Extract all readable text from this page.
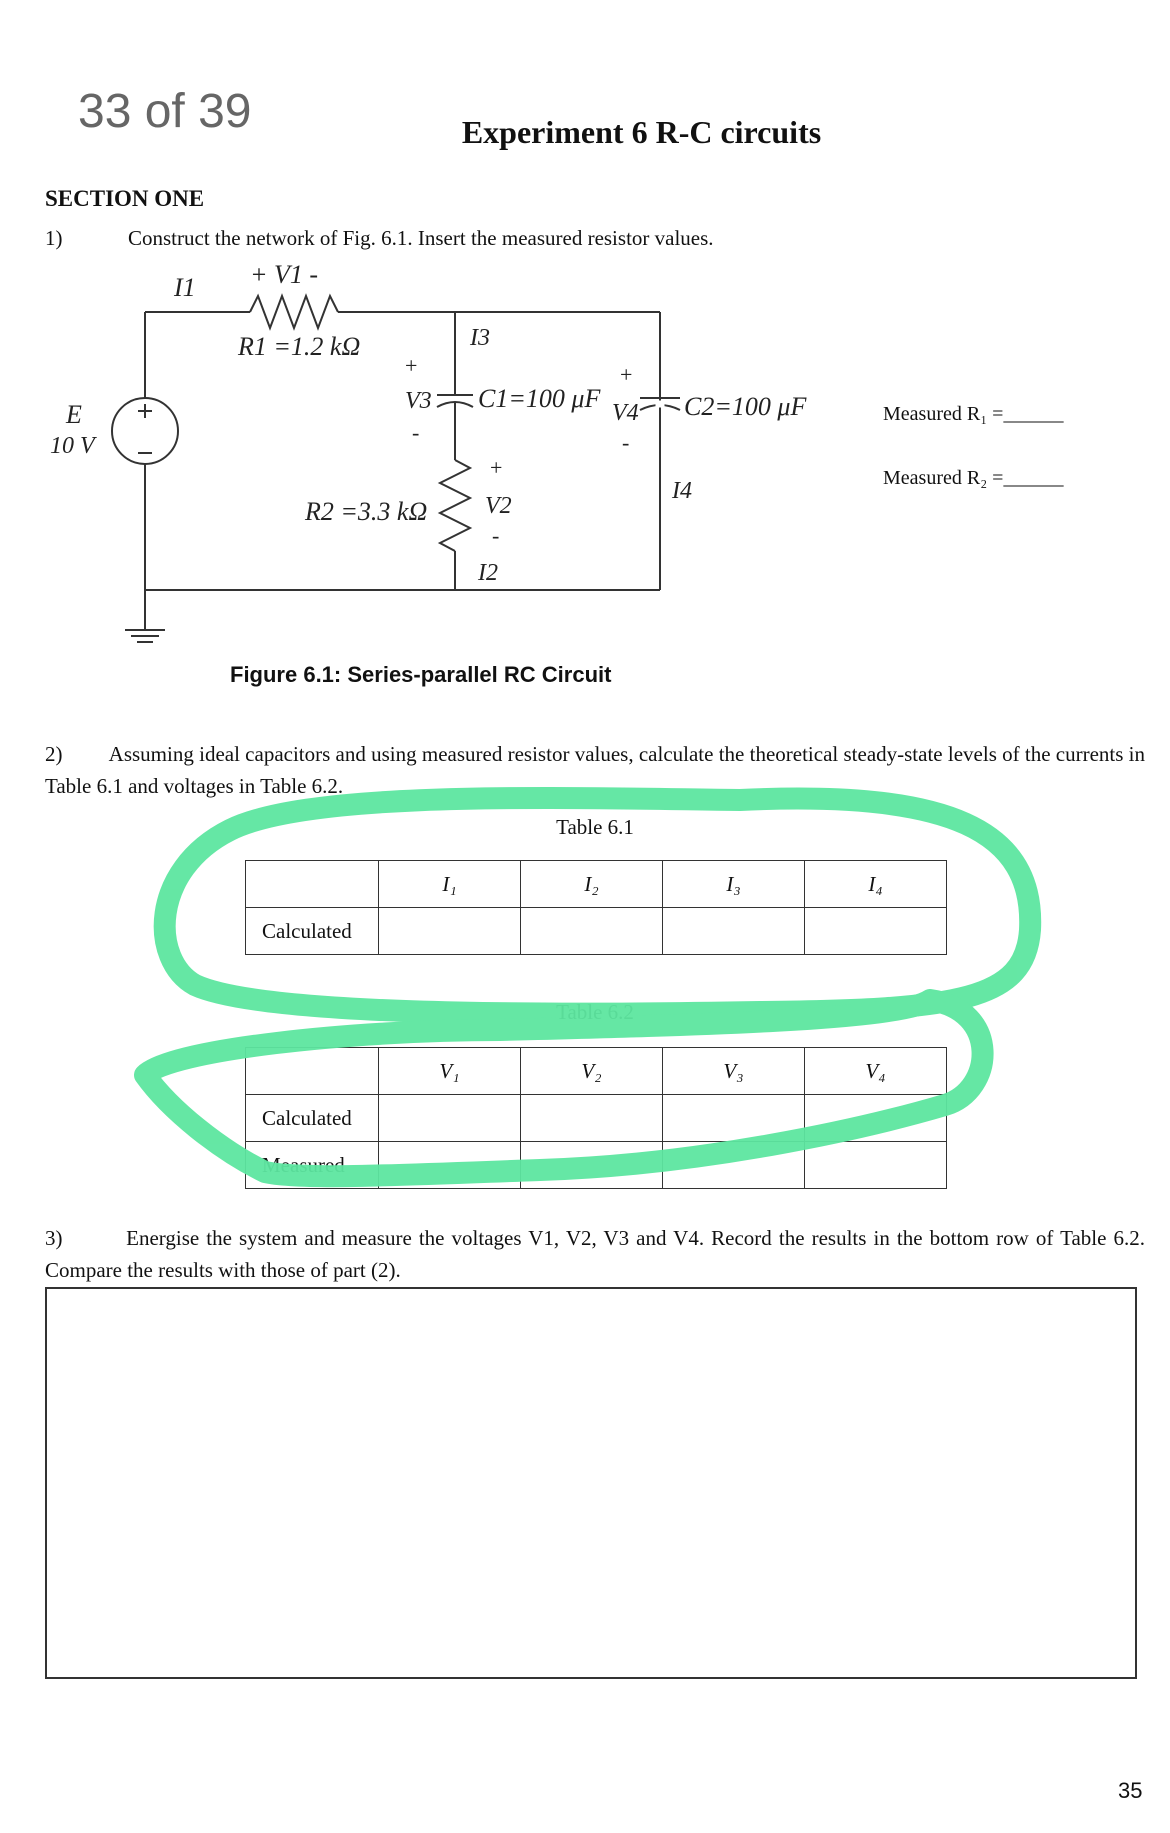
33 of 39	Experiment 6 R-C circuits
SECTION ONE
1)	Construct the network of Fig. 6.1. Insert the measured resistor values.
E
10 V
I1 + V1 -
R1 =1.2 kΩ	I3
+
V3
-
C1=100 μF
+
V4
-
C2=100 μF
I4
R2 =3.3 kΩ
+
V2
-
I2
Measured R₁ =______
Measured R₂ =______
Figure 6.1: Series-parallel RC Circuit
2) Assuming ideal capacitors and using measured resistor values, calculate the theoretical steady-state levels of the currents in Table 6.1 and voltages in Table 6.2.
Table 6.1
	I₁	I₂	I₃	I₄
Calculated				
Table 6.2
	V₁	V₂	V₃	V₄
Calculated				
Measured				
3)	Energise the system and measure the voltages V1, V2, V3 and V4. Record the results in the bottom row of Table 6.2. Compare the results with those of part (2).
35
